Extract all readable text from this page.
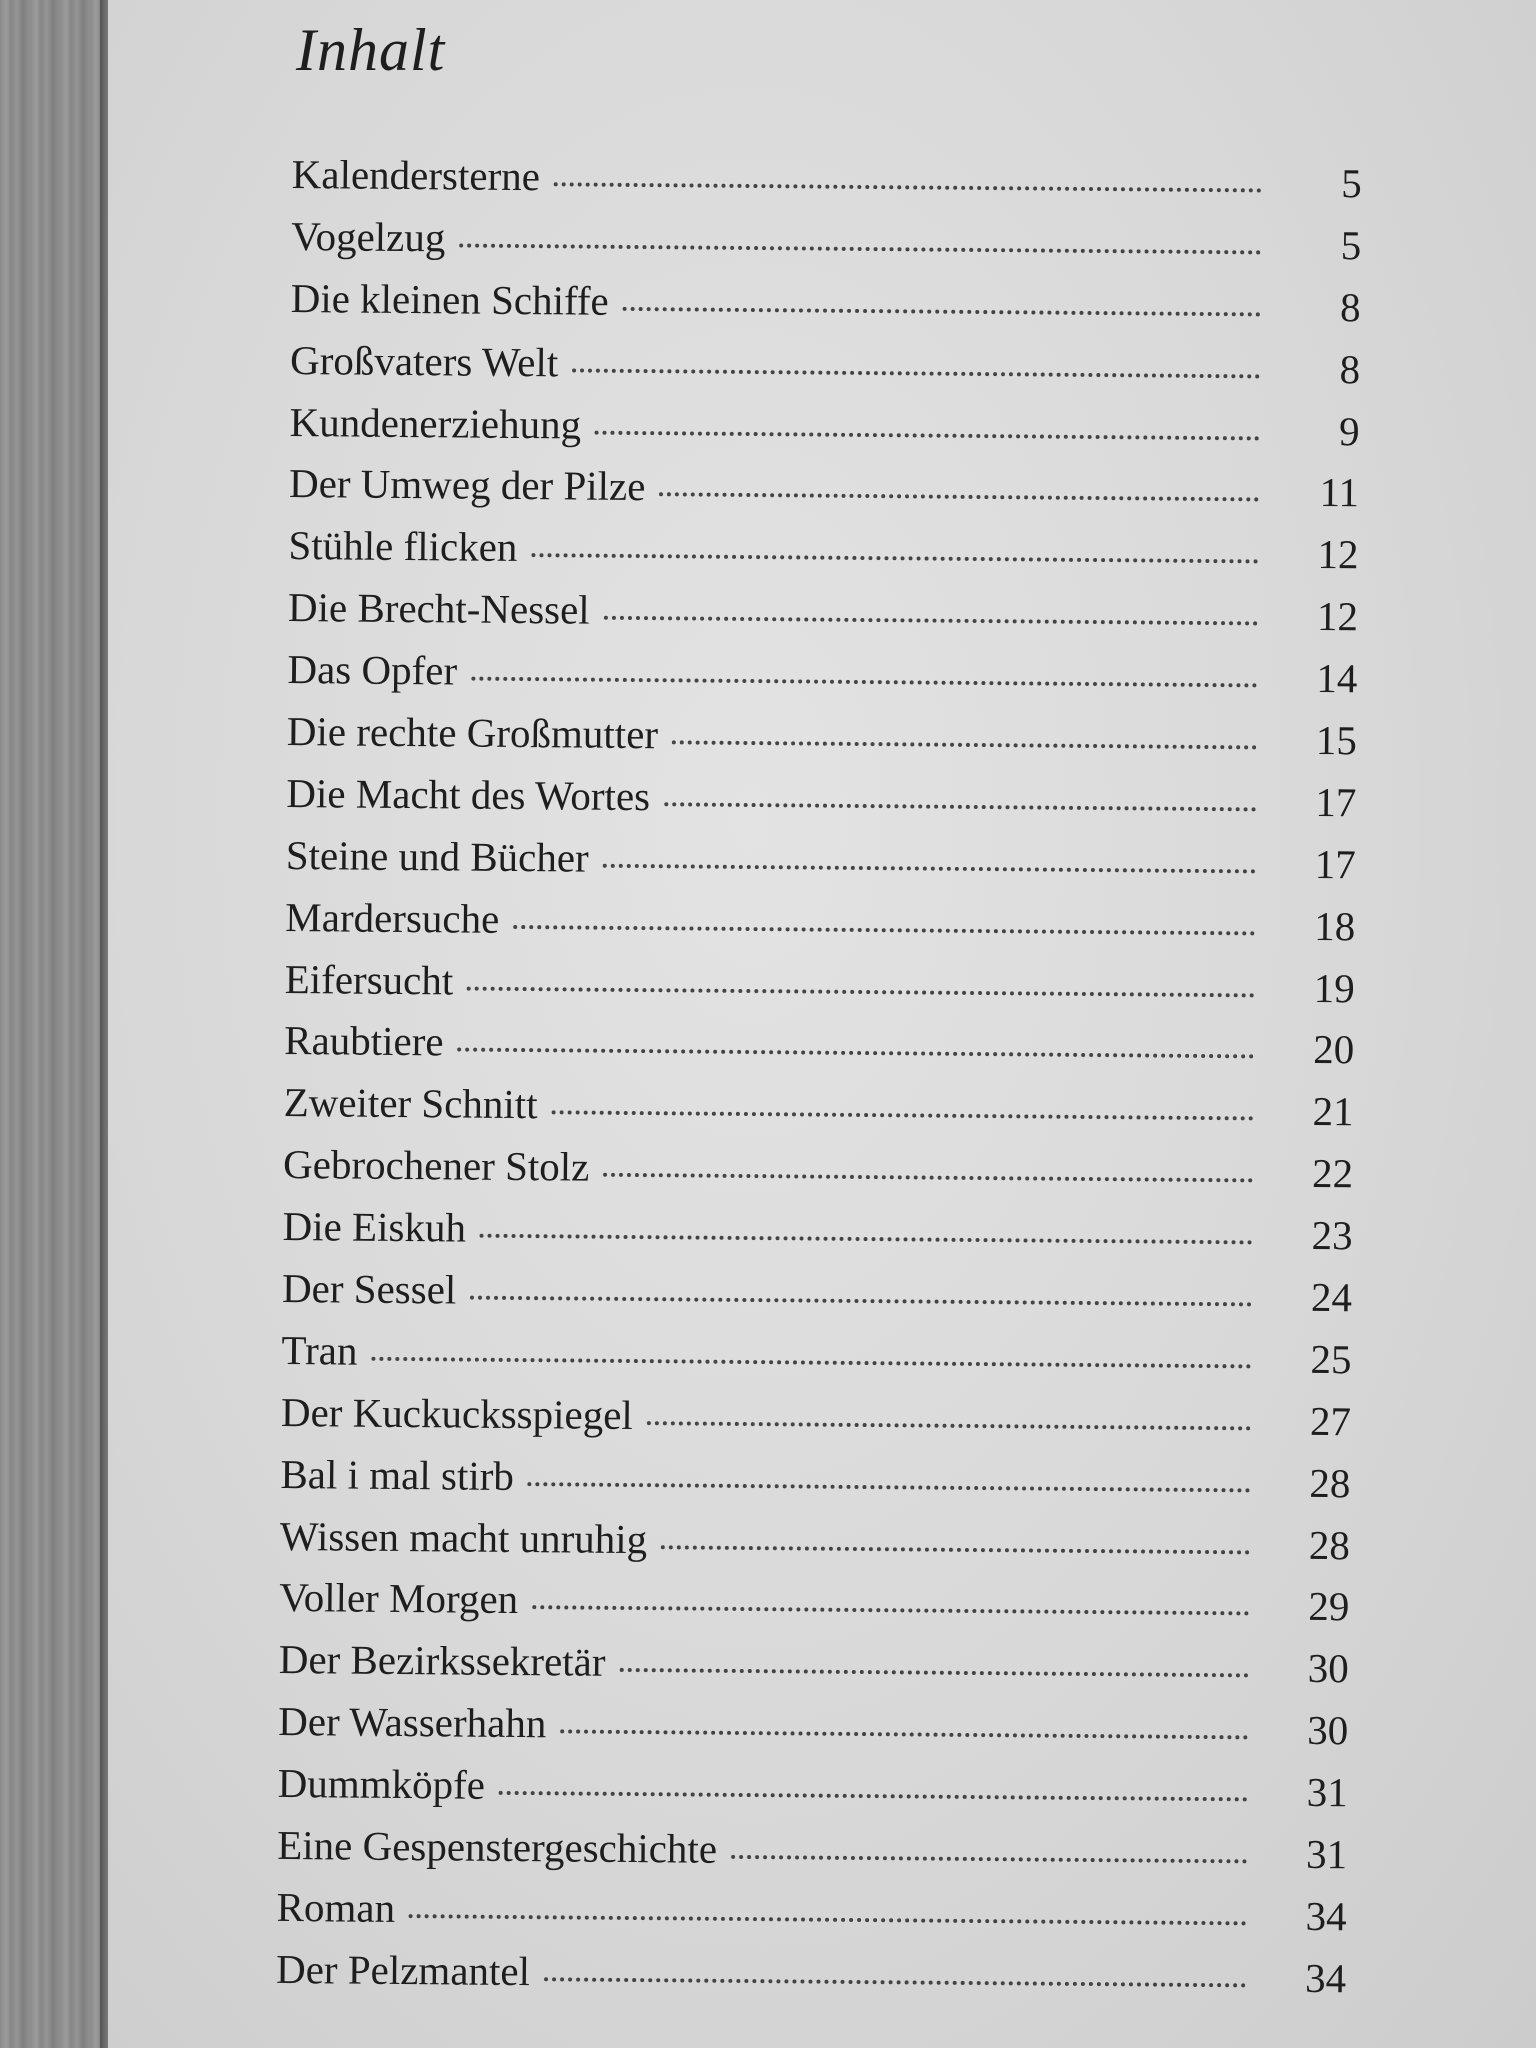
Inhalt
Kalendersterne	5
Vogelzug	5
Die kleinen Schiffe	8
Großvaters Welt	8
Kundenerziehung	9
Der Umweg der Pilze	11
Stühle flicken	12
Die Brecht-Nessel	12
Das Opfer	14
Die rechte Großmutter	15
Die Macht des Wortes	17
Steine und Bücher	17
Mardersuche	18
Eifersucht	19
Raubtiere	20
Zweiter Schnitt	21
Gebrochener Stolz	22
Die Eiskuh	23
Der Sessel	24
Tran	25
Der Kuckucksspiegel	27
Bal i mal stirb	28
Wissen macht unruhig	28
Voller Morgen	29
Der Bezirkssekretär	30
Der Wasserhahn	30
Dummköpfe	31
Eine Gespenstergeschichte	31
Roman	34
Der Pelzmantel	34
